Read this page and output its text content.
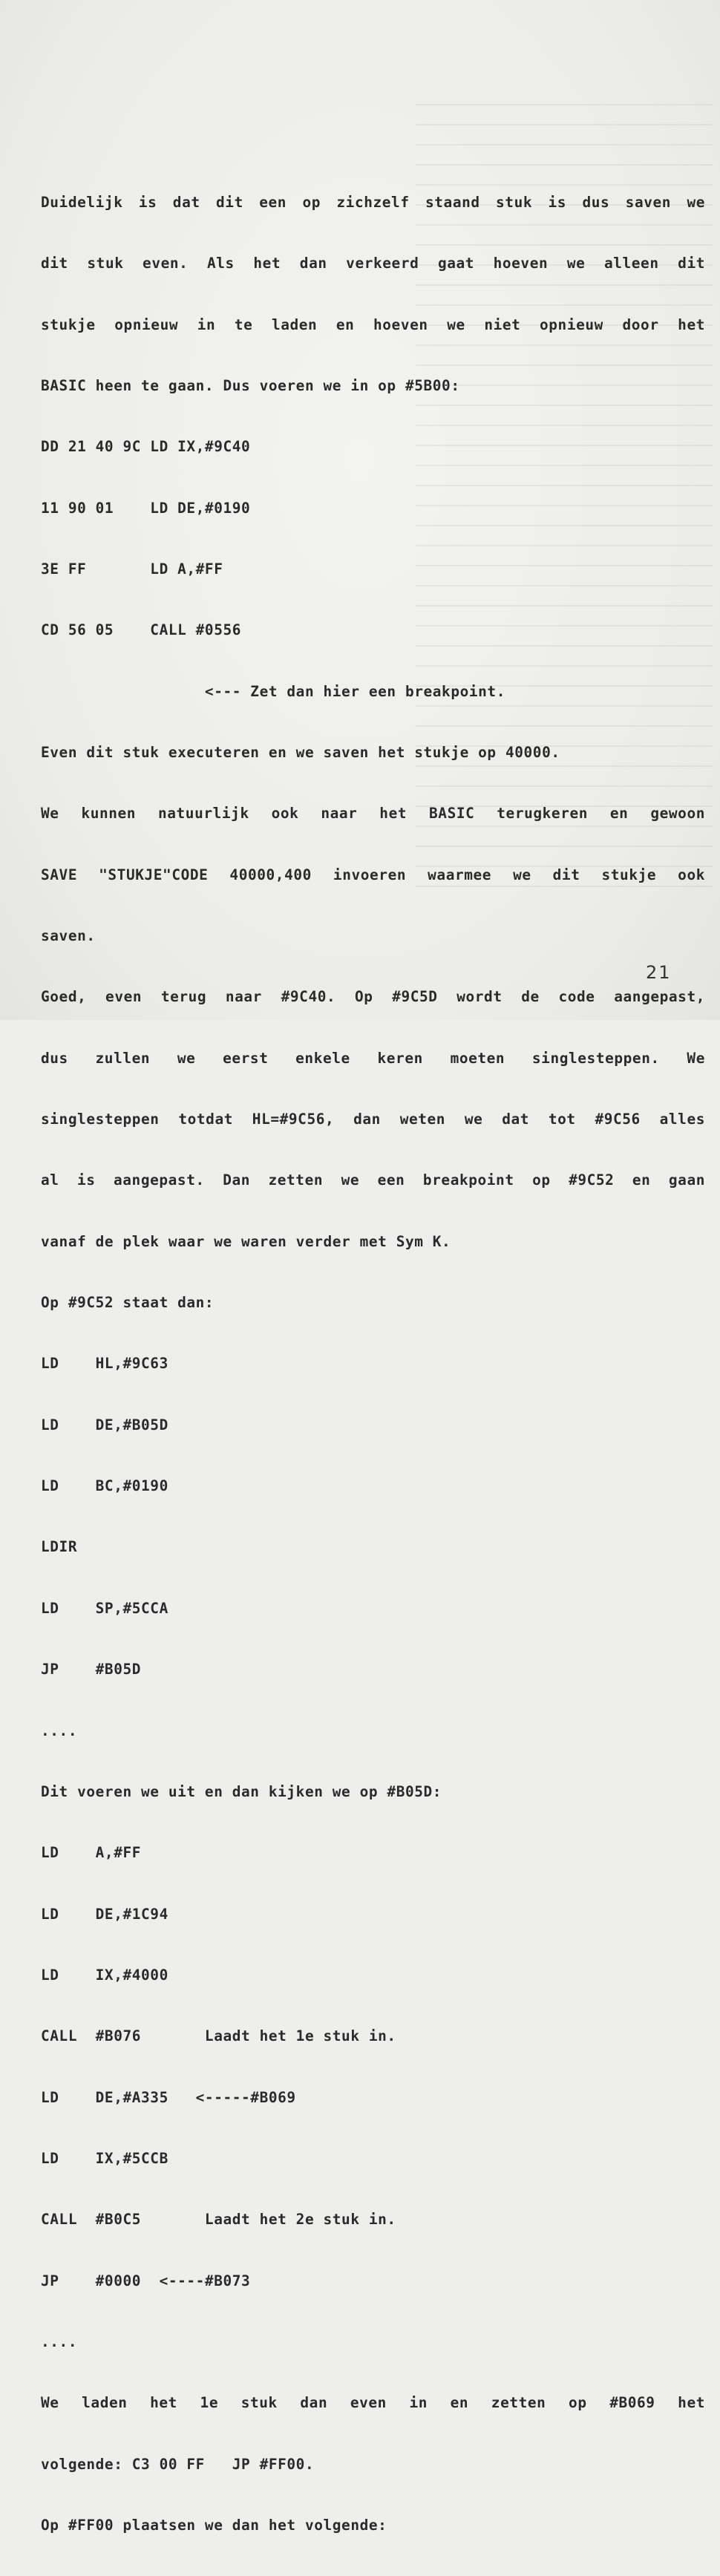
Duidelijk is dat dit een op zichzelf staand stuk is dus saven we

dit stuk even. Als het dan verkeerd gaat hoeven we alleen dit

stukje opnieuw in te laden en hoeven we niet opnieuw door het

BASIC heen te gaan. Dus voeren we in op #5B00:

DD 21 40 9C LD IX,#9C40

11 90 01    LD DE,#0190

3E FF       LD A,#FF

CD 56 05    CALL #0556

<--- Zet dan hier een breakpoint.

Even dit stuk executeren en we saven het stukje op 40000.

We kunnen natuurlijk ook naar het BASIC terugkeren en gewoon

SAVE "STUKJE"CODE 40000,400 invoeren waarmee we dit stukje ook

saven.

Goed, even terug naar #9C40. Op #9C5D wordt de code aangepast,

dus zullen we eerst enkele keren moeten singlesteppen. We

singlesteppen totdat HL=#9C56, dan weten we dat tot #9C56 alles

al is aangepast. Dan zetten we een breakpoint op #9C52 en gaan

vanaf de plek waar we waren verder met Sym K.

Op #9C52 staat dan:

LD    HL,#9C63

LD    DE,#B05D

LD    BC,#0190

LDIR

LD    SP,#5CCA

JP    #B05D

....

Dit voeren we uit en dan kijken we op #B05D:

LD    A,#FF

LD    DE,#1C94

LD    IX,#4000

CALL  #B076       Laadt het 1e stuk in.

LD    DE,#A335   <-----#B069

LD    IX,#5CCB

CALL  #B0C5       Laadt het 2e stuk in.

JP    #0000  <----#B073

....

We laden het 1e stuk dan even in en zetten op #B069 het

volgende: C3 00 FF   JP #FF00.

Op #FF00 plaatsen we dan het volgende:

21
